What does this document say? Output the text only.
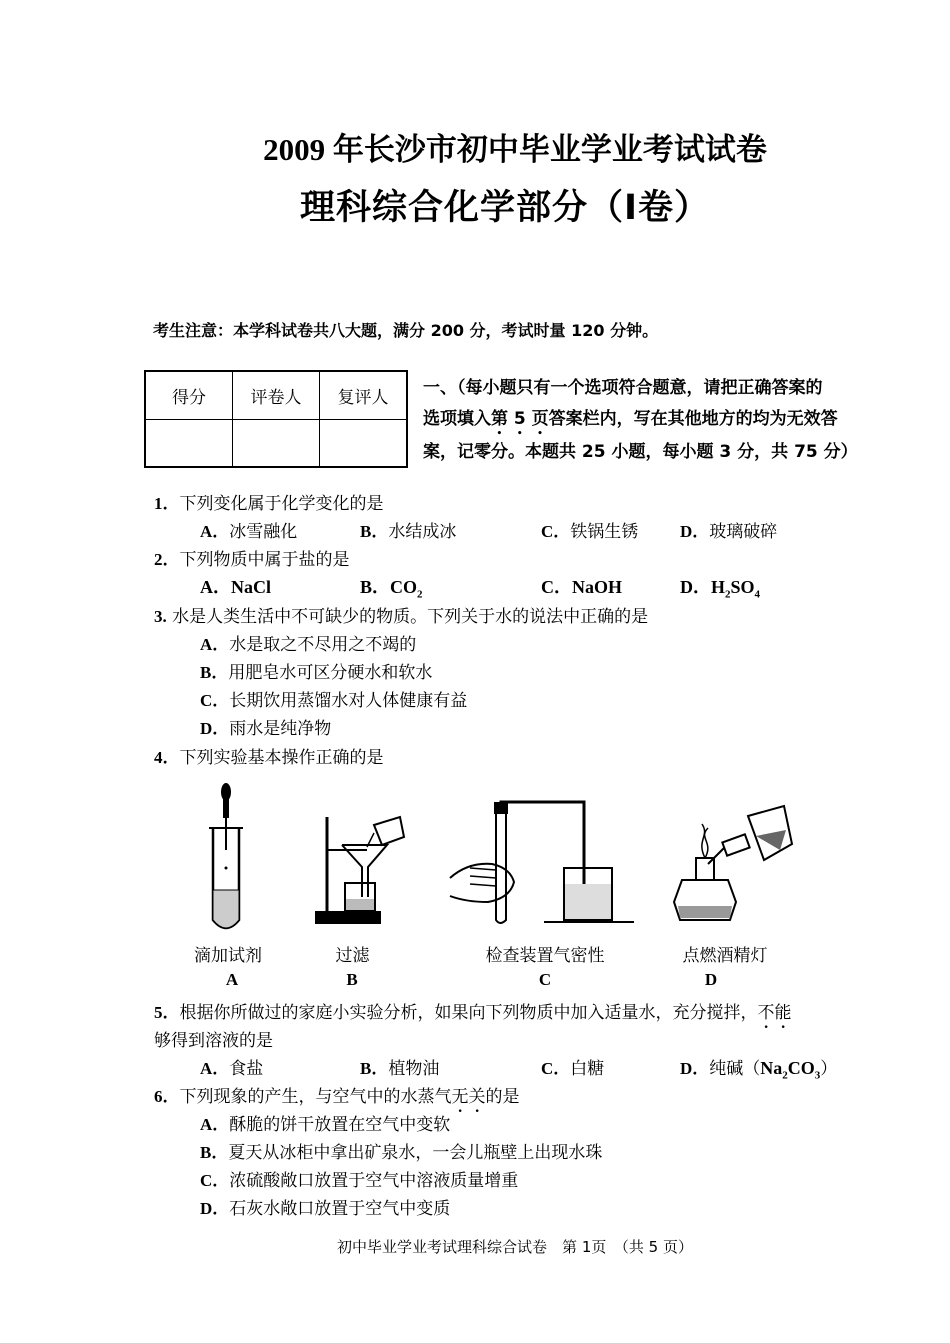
2009 年长沙市初中毕业学业考试试卷
理科综合化学部分（Ⅰ卷）
考生注意：本学科试卷共八大题，满分 200 分，考试时量 120 分钟。
得分	评卷人	复评人
		一、（每小题只有一个选项符合题意，请把正确答案的
选项填入第 5 页答案栏内，写在其他地方的均为无效答
案，记零分。本题共 25 小题，每小题 3 分，共 75 分）
1．下列变化属于化学变化的是
A．冰雪融化	B．水结成冰	C．铁锅生锈 D．玻璃破碎
2．下列物质中属于盐的是
A．NaCl	B．$CO_2$	C．NaOH	D．$H_2SO_4$
3. 水是人类生活中不可缺少的物质。下列关于水的说法中正确的是
A．水是取之不尽用之不竭的
B．用肥皂水可区分硬水和软水
C．长期饮用蒸馏水对人体健康有益
D．雨水是纯净物
4．下列实验基本操作正确的是
滴加试剂	过滤	检查装置气密性	点燃酒精灯
A	B	C	D
5．根据你所做过的家庭小实验分析，如果向下列物质中加入适量水，充分搅拌，不能
够得到溶液的是
A．食盐	B．植物油	C．白糖	D．纯碱$(Na_2CO_3)$
6．下列现象的产生，与空气中的水蒸气无关的是
A．酥脆的饼干放置在空气中变软
B．夏天从冰柜中拿出矿泉水，一会儿瓶壁上出现水珠
C．浓硫酸敞口放置于空气中溶液质量增重
D．石灰水敞口放置于空气中变质
初中毕业学业考试理科综合试卷　第 1页　（共 5 页）
